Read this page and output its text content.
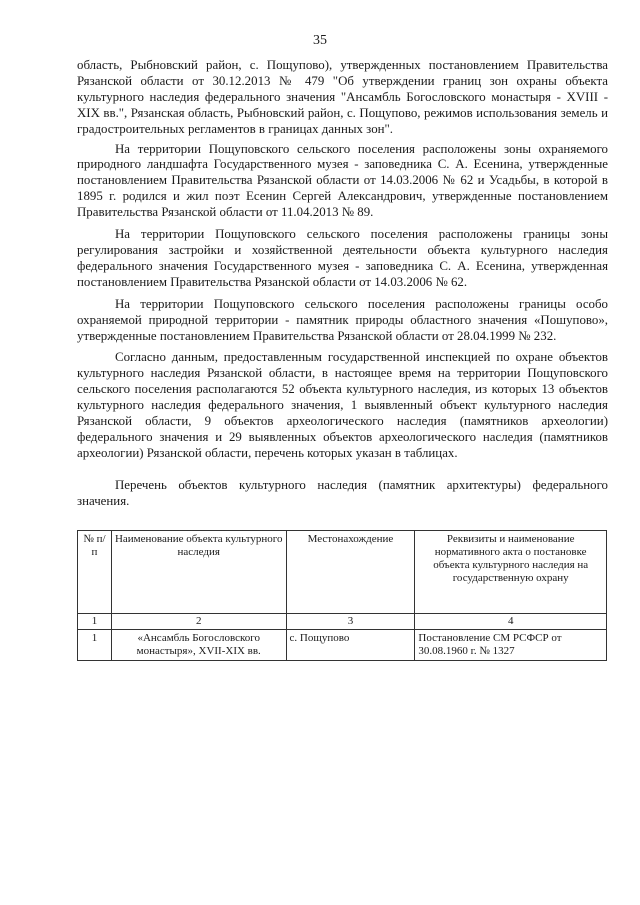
35

область, Рыбновский район, с. Пощупово), утвержденных постановлением Правительства Рязанской области от 30.12.2013 № 479 "Об утверждении границ зон охраны объекта культурного наследия федерального значения "Ансамбль Богословского монастыря - XVIII - XIX вв.", Рязанская область, Рыбновский район, с. Пощупово, режимов использования земель и градостроительных регламентов в границах данных зон".

На территории Пощуповского сельского поселения расположены зоны охраняемого природного ландшафта Государственного музея - заповедника С. А. Есенина, утвержденные постановлением Правительства Рязанской области от 14.03.2006 № 62 и Усадьбы, в которой в 1895 г. родился и жил поэт Есенин Сергей Александрович, утвержденные постановлением Правительства Рязанской области от 11.04.2013 № 89.

На территории Пощуповского сельского поселения расположены границы зоны регулирования застройки и хозяйственной деятельности объекта культурного наследия федерального значения Государственного музея - заповедника С. А. Есенина, утвержденная постановлением Правительства Рязанской области от 14.03.2006 № 62.

На территории Пощуповского сельского поселения расположены границы особо охраняемой природной территории - памятник природы областного значения «Пошупово», утвержденные постановлением Правительства Рязанской области от 28.04.1999 № 232.

Согласно данным, предоставленным государственной инспекцией по охране объектов культурного наследия Рязанской области, в настоящее время на территории Пощуповского сельского поселения располагаются 52 объекта культурного наследия, из которых 13 объектов культурного наследия федерального значения, 1 выявленный объект культурного наследия Рязанской области, 9 объектов археологического наследия (памятников археологии) федерального значения и 29 выявленных объектов археологического наследия (памятников археологии) Рязанской области, перечень которых указан в таблицах.

Перечень объектов культурного наследия (памятник архитектуры) федерального значения.

№ п/п	Наименование объекта культурного наследия	Местонахождение	Реквизиты и наименование нормативного акта о постановке объекта культурного наследия на государственную охрану
1	2	3	4
1	«Ансамбль Богословского монастыря», XVII-XIX вв.	с. Пощупово	Постановление СМ РСФСР от 30.08.1960 г. № 1327
